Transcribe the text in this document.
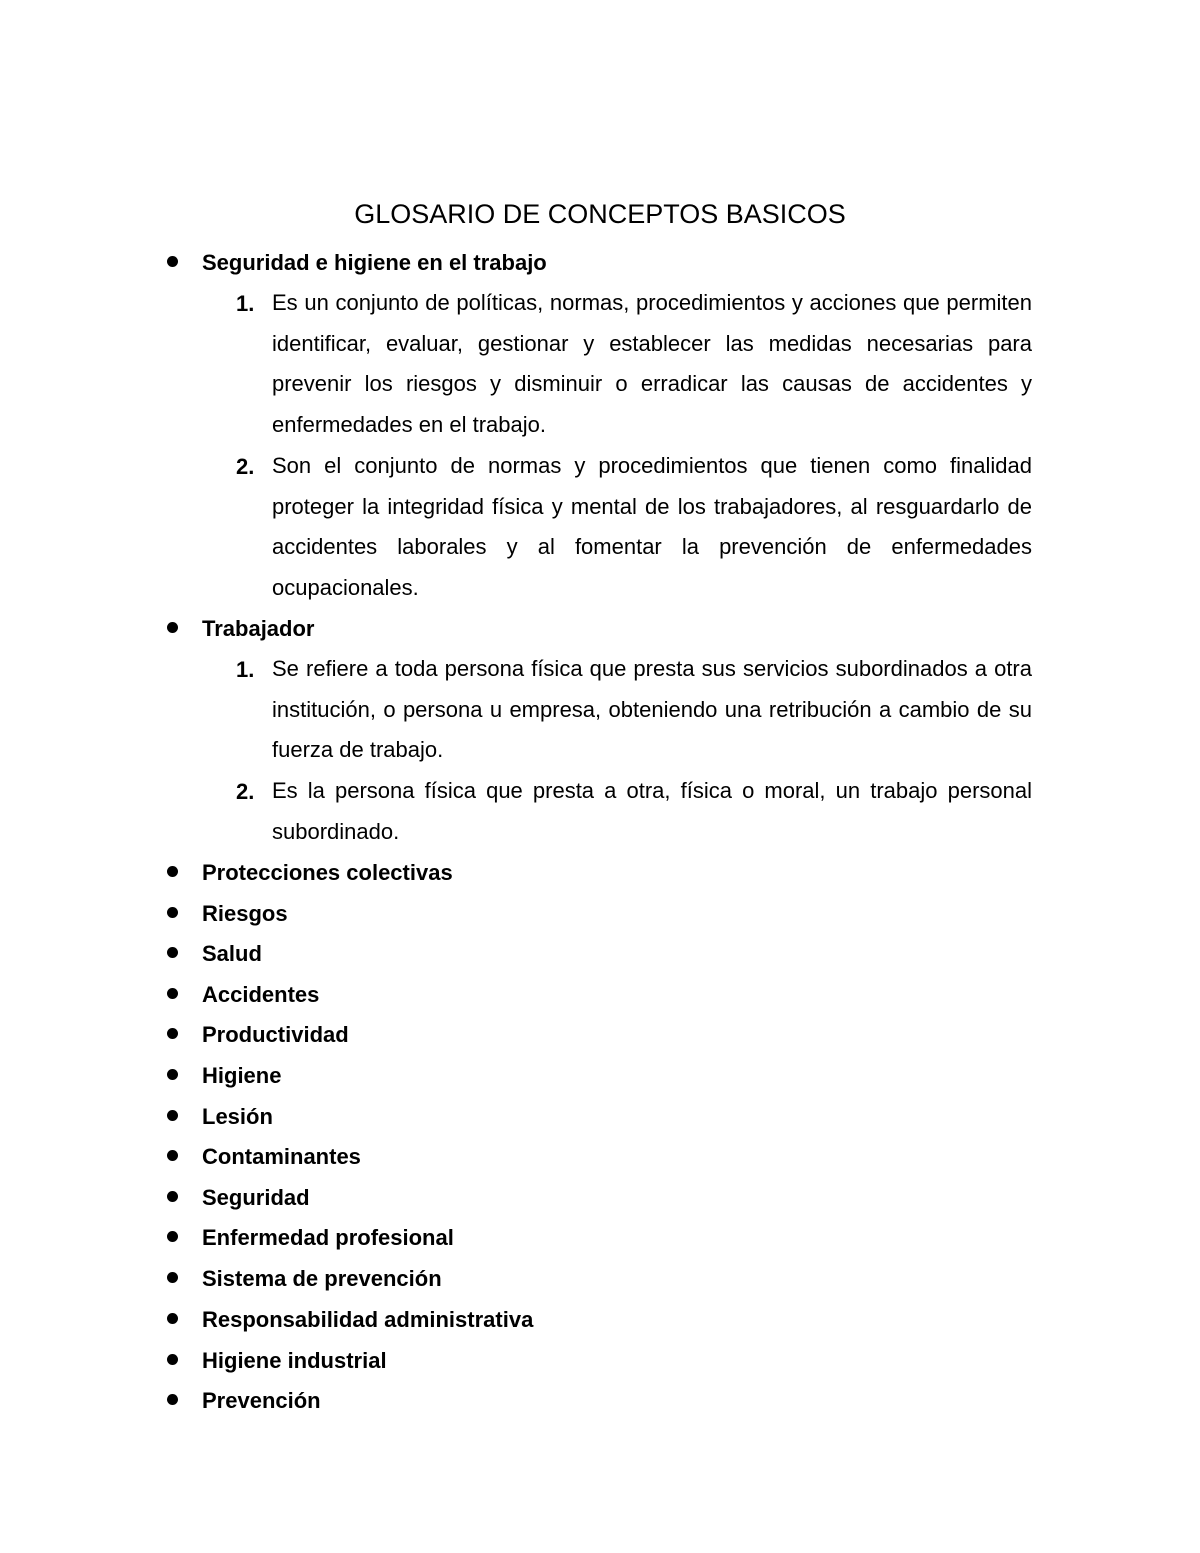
GLOSARIO DE CONCEPTOS BASICOS
Seguridad e higiene en el trabajo
1. Es un conjunto de políticas, normas, procedimientos y acciones que permiten identificar, evaluar, gestionar y establecer las medidas necesarias para prevenir los riesgos y disminuir o erradicar las causas de accidentes y enfermedades en el trabajo.
2. Son el conjunto de normas y procedimientos que tienen como finalidad proteger la integridad física y mental de los trabajadores, al resguardarlo de accidentes laborales y al fomentar la prevención de enfermedades ocupacionales.
Trabajador
1. Se refiere a toda persona física que presta sus servicios subordinados a otra institución, o persona u empresa, obteniendo una retribución a cambio de su fuerza de trabajo.
2. Es la persona física que presta a otra, física o moral, un trabajo personal subordinado.
Protecciones colectivas
Riesgos
Salud
Accidentes
Productividad
Higiene
Lesión
Contaminantes
Seguridad
Enfermedad profesional
Sistema de prevención
Responsabilidad administrativa
Higiene industrial
Prevención
